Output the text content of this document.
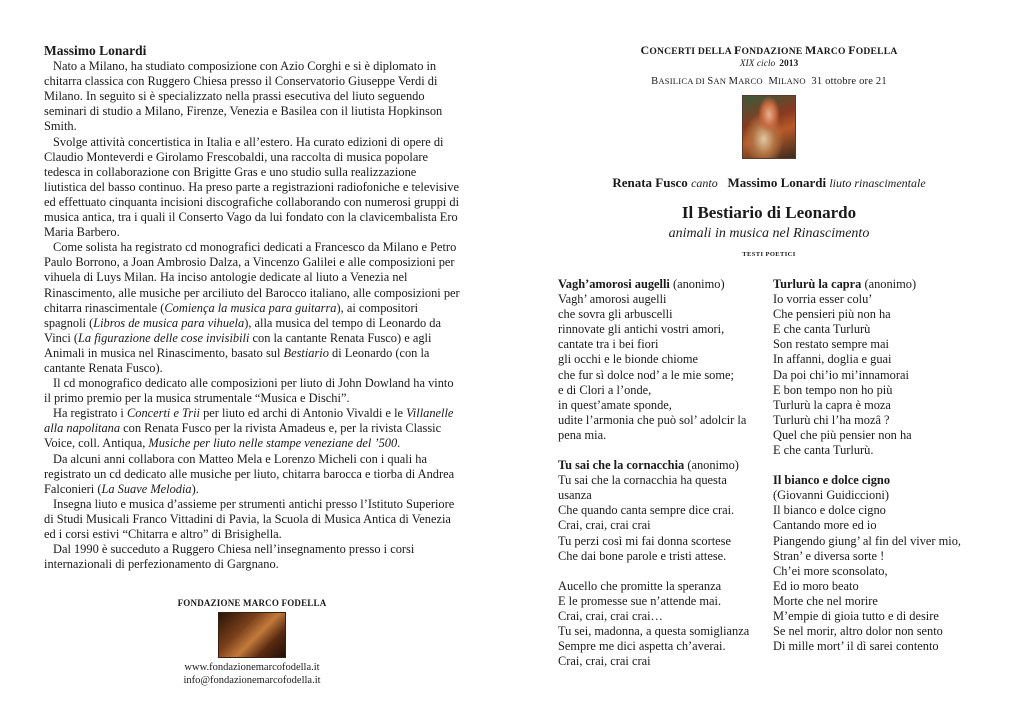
Massimo Lonardi

Nato a Milano, ha studiato composizione con Azio Corghi e si è diplomato in chitarra classica con Ruggero Chiesa presso il Conservatorio Giuseppe Verdi di Milano. In seguito si è specializzato nella prassi esecutiva del liuto seguendo seminari di studio a Milano, Firenze, Venezia e Basilea con il liutista Hopkinson Smith.

Svolge attività concertistica in Italia e all’estero. Ha curato edizioni di opere di Claudio Monteverdi e Girolamo Frescobaldi, una raccolta di musica popolare tedesca in collaborazione con Brigitte Gras e uno studio sulla realizzazione liutistica del basso continuo. Ha preso parte a registrazioni radiofoniche e televisive ed effettuato cinquanta incisioni discografiche collaborando con numerosi gruppi di musica antica, tra i quali il Conserto Vago da lui fondato con la clavicembalista Ero Maria Barbero.

Come solista ha registrato cd monografici dedicati a Francesco da Milano e Petro Paulo Borrono, a Joan Ambrosio Dalza, a Vincenzo Galilei e alle composizioni per vihuela di Luys Milan. Ha inciso antologie dedicate al liuto a Venezia nel Rinascimento, alle musiche per arciliuto del Barocco italiano, alle composizioni per chitarra rinascimentale (Comiença la musica para guitarra), ai compositori spagnoli (Libros de musica para vihuela), alla musica del tempo di Leonardo da Vinci (La figurazione delle cose invisibili con la cantante Renata Fusco) e agli Animali in musica nel Rinascimento, basato sul Bestiario di Leonardo (con la cantante Renata Fusco).

Il cd monografico dedicato alle composizioni per liuto di John Dowland ha vinto il primo premio per la musica strumentale “Musica e Dischi”.

Ha registrato i Concerti e Trii per liuto ed archi di Antonio Vivaldi e le Villanelle alla napolitana con Renata Fusco per la rivista Amadeus e, per la rivista Classic Voice, coll. Antiqua, Musiche per liuto nelle stampe veneziane del ’500.

Da alcuni anni collabora con Matteo Mela e Lorenzo Micheli con i quali ha registrato un cd dedicato alle musiche per liuto, chitarra barocca e tiorba di Andrea Falconieri (La Suave Melodia).

Insegna liuto e musica d’assieme per strumenti antichi presso l’Istituto Superiore di Studi Musicali Franco Vittadini di Pavia, la Scuola di Musica Antica di Venezia ed i corsi estivi “Chitarra e altro” di Brisighella.

Dal 1990 è succeduto a Ruggero Chiesa nell’insegnamento presso i corsi internazionali di perfezionamento di Gargnano.

FONDAZIONE MARCO FODELLA
www.fondazionemarcofodella.it
info@fondazionemarcofodella.it
CONCERTI DELLA FONDAZIONE MARCO FODELLA
XIX ciclo 2013
BASILICA DI SAN MARCO MILANO 31 ottobre ore 21
Renata Fusco canto Massimo Lonardi liuto rinascimentale
Il Bestiario di Leonardo
animali in musica nel Rinascimento
TESTI POETICI
Vagh’amorosi augelli (anonimo)
Vagh’ amorosi augelli
che sovra gli arbuscelli
rinnovate gli antichi vostri amori,
cantate tra i bei fiori
gli occhi e le bionde chiome
che fur sì dolce nod’ a le mie some;
e di Clori a l’onde,
in quest’amate sponde,
udite l’armonia che può sol’ adolcir la pena mia.
Tu sai che la cornacchia (anonimo)
Tu sai che la cornacchia ha questa usanza
Che quando canta sempre dice crai.
Crai, crai, crai crai
Tu perzi così mi fai donna scortese
Che dai bone parole e tristi attese.
Aucello che promitte la speranza
E le promesse sue n’attende mai.
Crai, crai, crai crai…
Tu sei, madonna, a questa somiglianza
Sempre me dici aspetta ch’averai.
Crai, crai, crai crai
Turlurù la capra (anonimo)
Io vorria esser colu’
Che pensieri più non ha
E che canta Turlurù
Son restato sempre mai
In affanni, doglia e guai
Da poi chi’io mi’innamorai
E bon tempo non ho più
Turlurù la capra è moza
Turlurù chi l’ha mozâ ?
Quel che più pensier non ha
E che canta Turlurù.
Il bianco e dolce cigno
(Giovanni Guidiccioni)
Il bianco e dolce cigno
Cantando more ed io
Piangendo giung’ al fin del viver mio,
Stran’ e diversa sorte !
Ch’ei more sconsolato,
Ed io moro beato
Morte che nel morire
M’empie di gioia tutto e di desire
Se nel morir, altro dolor non sento
Di mille mort’ il dì sarei contento
